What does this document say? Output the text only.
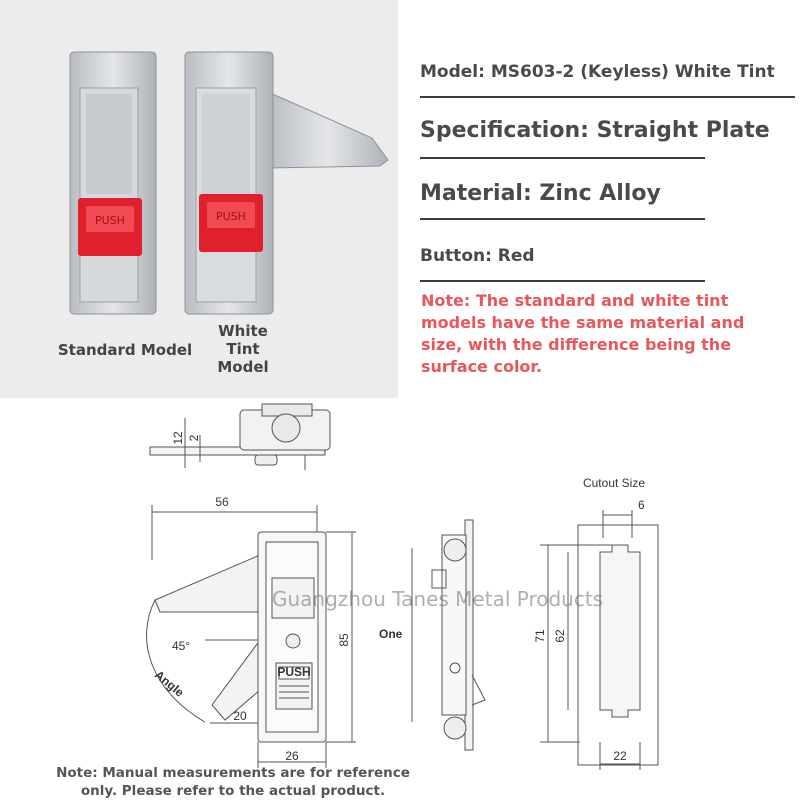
PUSH	PUSH
Standard Model
White
Tint
Model
Model: MS603-2 (Keyless) White Tint
Specification: Straight Plate
Material: Zinc Alloy
Button: Red
Note: The standard and white tint models have the same material and size, with the difference being the surface color.
12 2
56
45°
Angle
85
20
26
PUSH
One
Cutout Size
6
71 62
22
Guangzhou Tanes Metal Products
Note: Manual measurements are for reference only. Please refer to the actual product.
